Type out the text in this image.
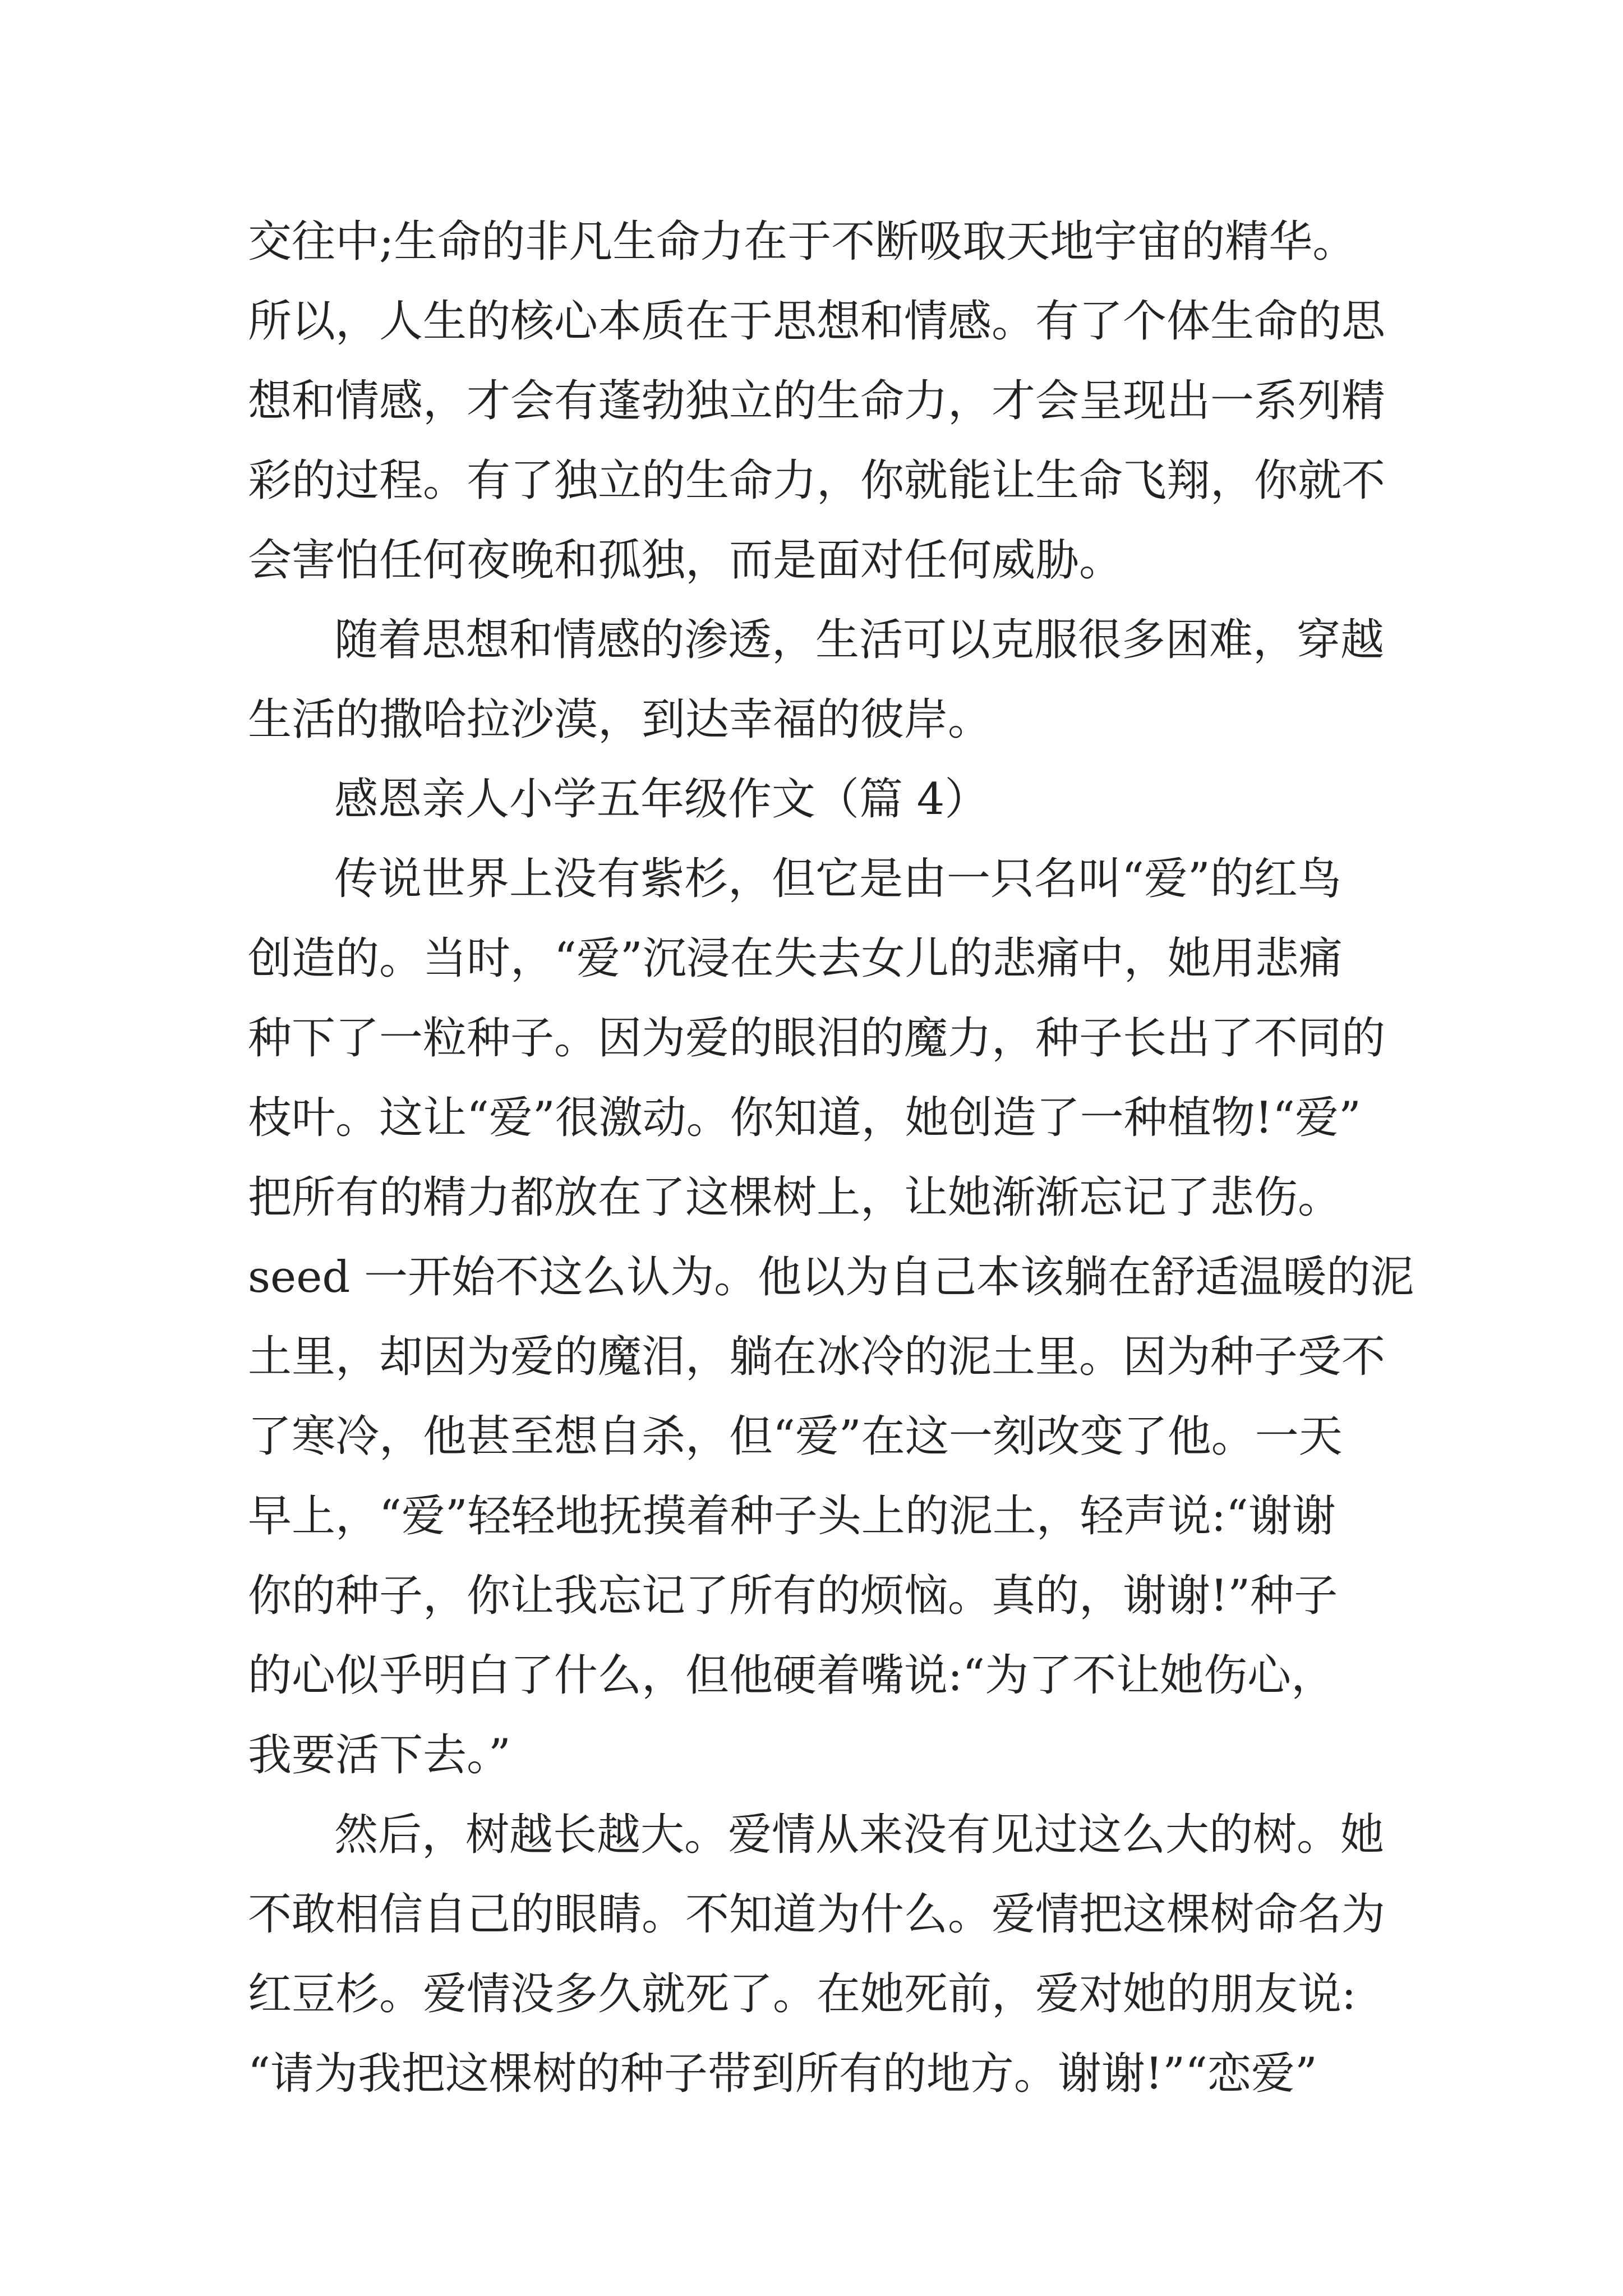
交往中;生命的非凡生命力在于不断吸取天地宇宙的精华。
所以，人生的核心本质在于思想和情感。有了个体生命的思
想和情感，才会有蓬勃独立的生命力，才会呈现出一系列精
彩的过程。有了独立的生命力，你就能让生命飞翔，你就不
会害怕任何夜晚和孤独，而是面对任何威胁。
随着思想和情感的渗透，生活可以克服很多困难，穿越
生活的撒哈拉沙漠，到达幸福的彼岸。
感恩亲人小学五年级作文（篇 4）
传说世界上没有紫杉，但它是由一只名叫“爱”的红鸟
创造的。当时，“爱”沉浸在失去女儿的悲痛中，她用悲痛
种下了一粒种子。因为爱的眼泪的魔力，种子长出了不同的
枝叶。这让“爱”很激动。你知道，她创造了一种植物!“爱”
把所有的精力都放在了这棵树上，让她渐渐忘记了悲伤。
seed 一开始不这么认为。他以为自己本该躺在舒适温暖的泥
土里，却因为爱的魔泪，躺在冰冷的泥土里。因为种子受不
了寒冷，他甚至想自杀，但“爱”在这一刻改变了他。一天
早上，“爱”轻轻地抚摸着种子头上的泥土，轻声说:“谢谢
你的种子，你让我忘记了所有的烦恼。真的，谢谢!”种子
的心似乎明白了什么，但他硬着嘴说:“为了不让她伤心，
我要活下去。”
然后，树越长越大。爱情从来没有见过这么大的树。她
不敢相信自己的眼睛。不知道为什么。爱情把这棵树命名为
红豆杉。爱情没多久就死了。在她死前，爱对她的朋友说:
“请为我把这棵树的种子带到所有的地方。谢谢!”“恋爱”
